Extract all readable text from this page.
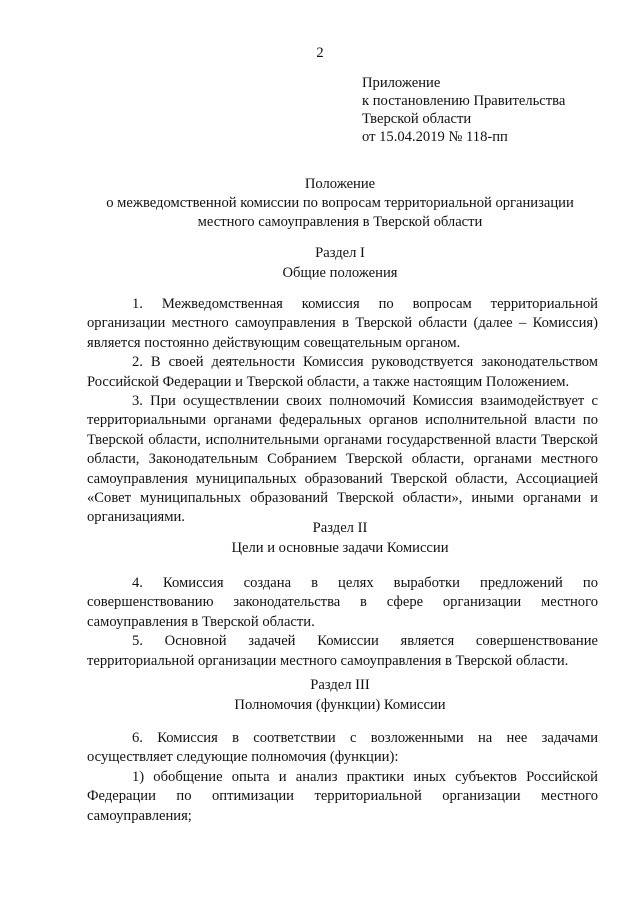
2
Приложение
к постановлению Правительства
Тверской области
от 15.04.2019 № 118-пп
Положение
о межведомственной комиссии по вопросам территориальной организации
местного самоуправления в Тверской области
Раздел I
Общие положения

1. Межведомственная комиссия по вопросам территориальной организации местного самоуправления в Тверской области (далее – Комиссия) является постоянно действующим совещательным органом.

2. В своей деятельности Комиссия руководствуется законодательством Российской Федерации и Тверской области, а также настоящим Положением.

3. При осуществлении своих полномочий Комиссия взаимодействует с территориальными органами федеральных органов исполнительной власти по Тверской области, исполнительными органами государственной власти Тверской области, Законодательным Собранием Тверской области, органами местного самоуправления муниципальных образований Тверской области, Ассоциацией «Совет муниципальных образований Тверской области», иными органами и организациями.

Раздел II
Цели и основные задачи Комиссии

4. Комиссия создана в целях выработки предложений по совершенствованию законодательства в сфере организации местного самоуправления в Тверской области.

5. Основной задачей Комиссии является совершенствование территориальной организации местного самоуправления в Тверской области.

Раздел III
Полномочия (функции) Комиссии

6. Комиссия в соответствии с возложенными на нее задачами осуществляет следующие полномочия (функции):

1) обобщение опыта и анализ практики иных субъектов Российской Федерации по оптимизации территориальной организации местного самоуправления;
